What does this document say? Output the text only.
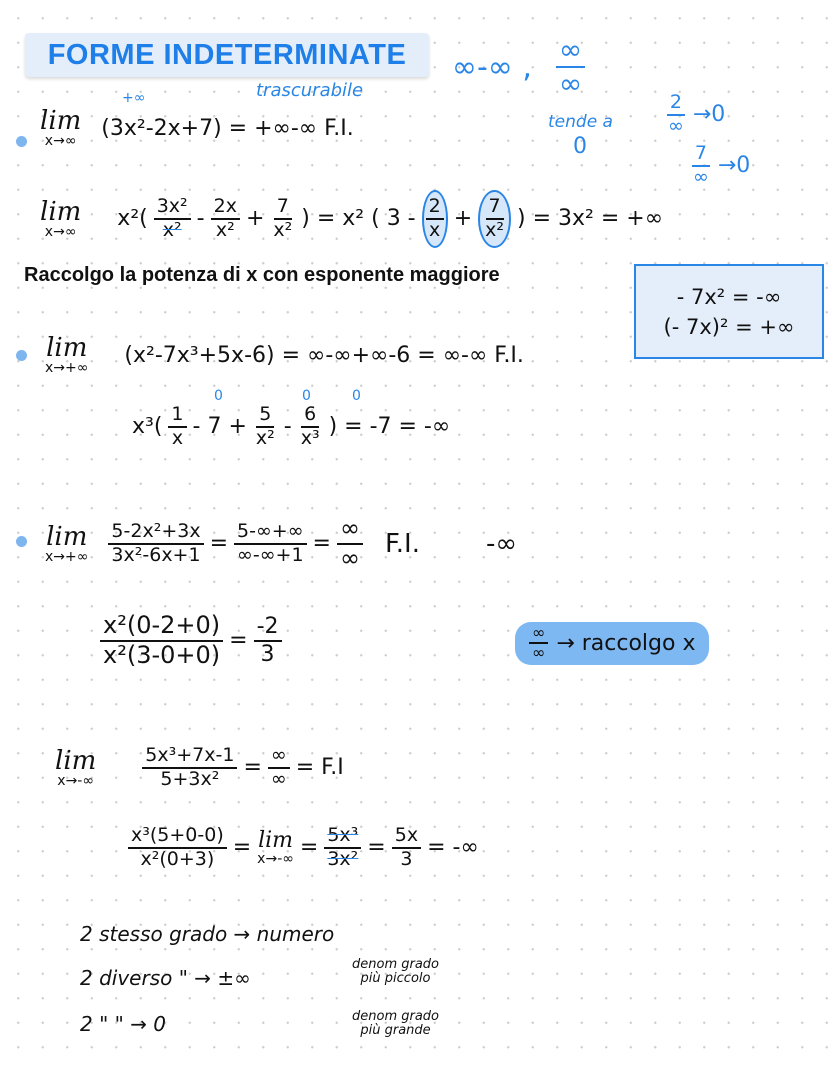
FORME INDETERMINATE ∞-∞ , $\frac{\infty}{\infty}$
+∞	trascurabile
lim
x→∞
(3x²-2x+7) = +∞-∞ F.I.	tende a
0
$\frac{2}{\infty} \to 0$
$\frac{7}{\infty} \to 0$
lim
x→∞
$x^2( \frac{\text{3x²}}{\text{x²}} - \frac{2x}{\text{x²}} + \frac{7}{\text{x²}}$ ) = x² ( $3 - \frac{2}{x} + \frac{7}{\text{x²}}$ ) = 3x² = +∞
Raccolgo la potenza di x con esponente maggiore
- 7x² = -∞
(- 7x)² = +∞
lim
x→+∞
(x²-7x³+5x-6) = ∞-∞+∞-6 = ∞-∞ F.I.
0	0	0
$x^3( \frac{1}{x} - 7 + \frac{5}{\text{x²}} - \frac{6}{\text{x³}}$ ) = -7 = -∞
lim
$x\to+\infty \frac{\text{5-2x²+3x}}{\text{3x²-6x+1}} = \frac{5-\infty+\infty}{\infty-\infty+1} = \frac{\infty}{\infty} F.I$.	-∞
$\frac{\text{x²(0-2+0)}}{\text{x²(3-0+0)}} = \frac{-2}{3}$	$\frac{\infty}{\infty}$ → raccolgo x
lim
x→-∞	$\frac{\text{5x³+7x-1}}{\text{5+3x²}} = \frac{\infty}{\infty} = F.I$
$\frac{\text{x³(5+0-0)}}{\text{x²(0+3)}} = \lim$
$x\to-\infty = \frac{\text{5x³}}{\text{3x²}} = \frac{5x}{3}$ = -∞
2 stesso grado → numero
2 diverso " → ±∞
denom grado
più piccolo
2 " " → 0	denom grado
più grande
